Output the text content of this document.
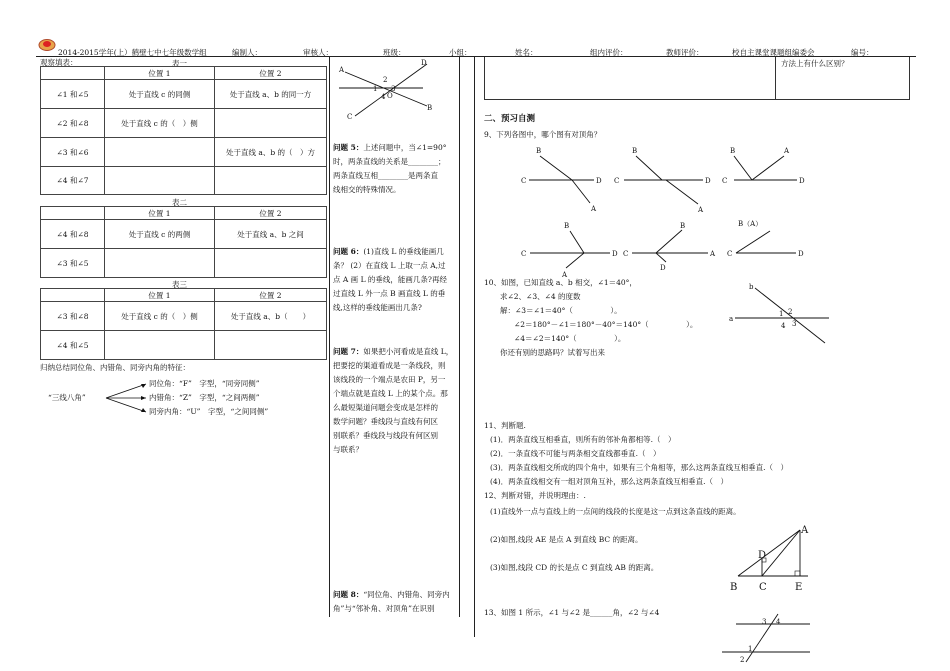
2014-2015学年(上）鹤壁七中七年级数学组	编制人：	审核人：	班级：	小组：	姓名：	组内评价：	教师评价：	校自主课堂课题组编委会	编号：
观察填表：	表一
	位置 1	位置 2
∠1 和∠5	处于直线 c 的同侧	处于直线 a、b 的同一方
∠2 和∠8	处于直线 c 的（　）侧	
∠3 和∠6		处于直线 a、b 的（　）方
∠4 和∠7		
表二
	位置 1	位置 2
∠4 和∠8	处于直线 c 的两侧	处于直线 a、b 之间
∠3 和∠5		
表三
	位置 1	位置 2
∠3 和∠8	处于直线 c 的（　）侧	处于直线 a、b（　　）
∠4 和∠5		
归纳总结同位角、内错角、同旁内角的特征：
“三线八角”
同位角：“F”　字型，“同旁同侧”
内错角：“Z”　字型，“之间两侧”
同旁内角：“U”　字型，“之间同侧”
A
D
B
C
1
2
3
4 O
问题 5：上述问题中，当∠1=90°
时，两条直线的关系是________；
两条直线互相________是两条直
线相交的特殊情况。
问题 6：(1)直线 L 的垂线能画几
条？ (2）在直线 L 上取一点 A,过
点 A 画 L 的垂线，能画几条?再经
过直线 L 外一点 B 画直线 L 的垂
线,这样的垂线能画出几条?
问题 7：如果把小河看成是直线 L，
把要挖的渠道看成是一条线段，则
该线段的一个端点是农田 P，另一
个端点就是直线 L 上的某个点。那
么最短渠道问题会变成是怎样的
数学问题？垂线段与直线有何区
别联系？垂线段与线段有何区别
与联系？
问题 8：“同位角、内错角、同旁内
角”与“邻补角、对顶角”在识别
方法上有什么区别？
二、预习自测
9、下列各图中，哪个图有对顶角？
B
C	D
A
B
C	D
A
B	A
C	D
B
C	D
A
B
C	A
D
B（A）
C	D
10、如图，已知直线 a、b 相交，∠1＝40°，
求∠2、∠3、∠4 的度数
解：∠3＝∠1＝40°（　　　　　）。
∠2＝180°－∠1＝180°－40°＝140°（　　　　　）。
∠4＝∠2＝140°（　　　　　）。
你还有别的思路吗？试着写出来
b
a
1 2
3
4
11、判断题.
(1)．两条直线互相垂直，则所有的邻补角都相等.（　）
(2)．一条直线不可能与两条相交直线都垂直.（　）
(3)．两条直线相交所成的四个角中，如果有三个角相等，那么这两条直线互相垂直.（　）
(4)．两条直线相交有一组对顶角互补，那么这两条直线互相垂直.（　）
12、判断对错，并说明理由：.
(1)直线外一点与直线上的一点间的线段的长度是这一点到这条直线的距离。
(2)如图,线段 AE 是点 A 到直线 BC 的距离。
(3)如图,线段 CD 的长是点 C 到直线 AB 的距离。
A
D
B C	E
13、如图 1 所示，∠1 与∠2 是______角，∠2 与∠4
3 4
1
2
